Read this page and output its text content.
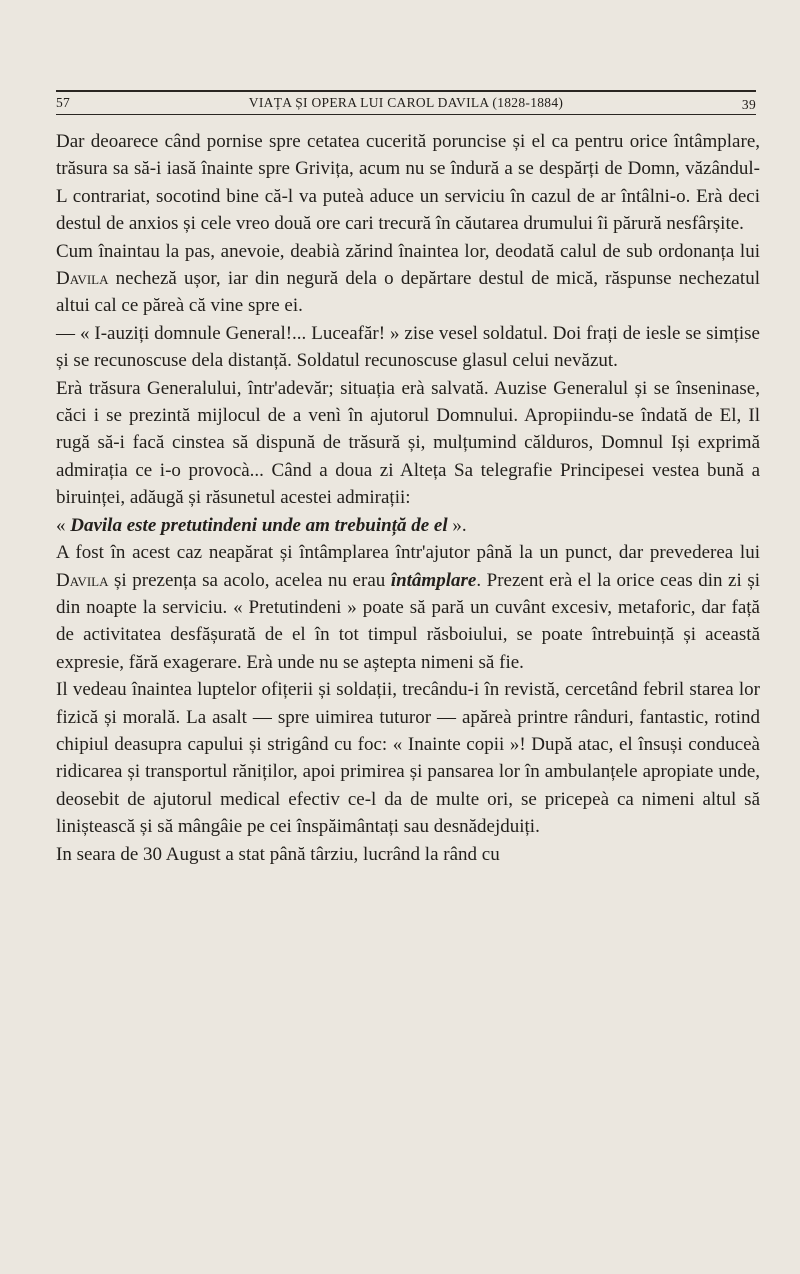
57	VIAȚA ȘI OPERA LUI CAROL DAVILA (1828-1884)	39

Dar deoarece când pornise spre cetatea cucerită poruncise și el ca pentru orice întâmplare, trăsura sa să-i iasă înainte spre Grivița, acum nu se îndură a se despărți de Domn, văzândul-L contrariat, socotind bine că-l va puteà aduce un serviciu în cazul de ar întâlni-o. Erà deci destul de anxios și cele vreo două ore cari trecură în căutarea drumului îi părură nesfârșite.

Cum înaintau la pas, anevoie, deabià zărind înaintea lor, deodată calul de sub ordonanța lui Davila necheză ușor, iar din negură dela o depărtare destul de mică, răspunse nechezatul altui cal ce păreà că vine spre ei.

— « I-auziți domnule General!... Luceafăr! » zise vesel soldatul. Doi frați de iesle se simțise și se recunoscuse dela distanță. Soldatul recunoscuse glasul celui nevăzut.

Erà trăsura Generalului, într'adevăr; situația erà salvată. Auzise Generalul și se înseninase, căci i se prezintă mijlocul de a venì în ajutorul Domnului. Apropiindu-se îndată de El, Il rugă să-i facă cinstea să dispună de trăsură și, mulțumind călduros, Domnul Iși exprimă admirația ce i-o provocà... Când a doua zi Alteța Sa telegrafie Principesei vestea bună a biruinței, adăugă și răsunetul acestei admirații:
« Davila este pretutindeni unde am trebuință de el ».

A fost în acest caz neapărat și întâmplarea într'ajutor până la un punct, dar prevederea lui Davila și prezența sa acolo, acelea nu erau întâmplare. Prezent erà el la orice ceas din zi și din noapte la serviciu. « Pretutindeni » poate să pară un cuvânt excesiv, metaforic, dar față de activitatea desfășurată de el în tot timpul răsboiului, se poate întrebuință și această expresie, fără exagerare. Erà unde nu se aștepta nimeni să fie.

Il vedeau înaintea luptelor ofițerii și soldații, trecându-i în revistă, cercetând febril starea lor fizică și morală. La asalt — spre uimirea tuturor — apăreà printre rânduri, fantastic, rotind chipiul deasupra capului și strigând cu foc: « Inainte copii »! După atac, el însuși conduceà ridicarea și transportul răniților, apoi primirea și pansarea lor în ambulanțele apropiate unde, deosebit de ajutorul medical efectiv ce-l da de multe ori, se pricepeà ca nimeni altul să liniștească și să mângâie pe cei înspăimântați sau desnădejduiți.

In seara de 30 August a stat până târziu, lucrând la rând cu
